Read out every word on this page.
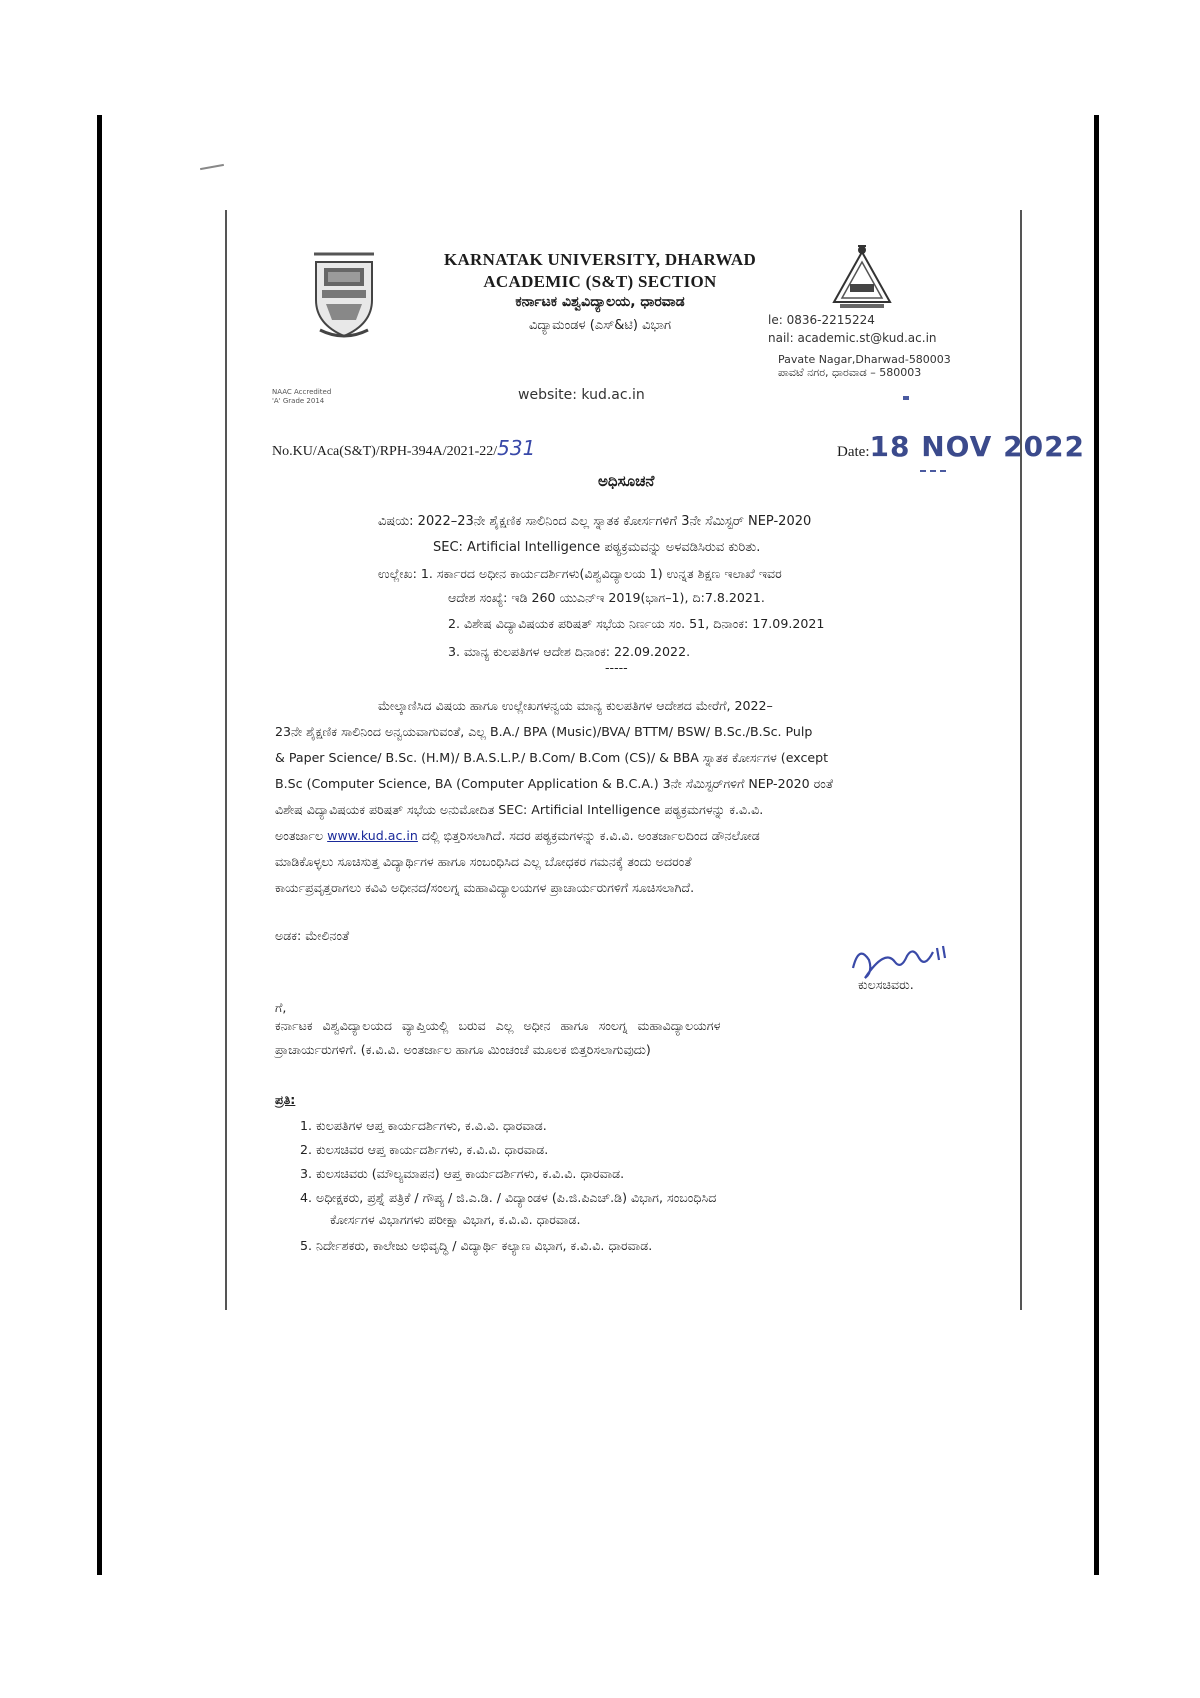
KARNATAK UNIVERSITY, DHARWAD
ACADEMIC (S&T) SECTION
ಕರ್ನಾಟಕ ವಿಶ್ವವಿದ್ಯಾಲಯ, ಧಾರವಾಡ
ವಿದ್ಯಾಮಂಡಳ (ಎಸ್&ಟಿ) ವಿಭಾಗ	le: 0836-2215224
nail: academic.st@kud.ac.in
Pavate Nagar,Dharwad-580003
ಪಾವಟೆ ನಗರ, ಧಾರವಾಡ – 580003
NAAC Accredited
'A' Grade 2014	website: kud.ac.in
No.KU/Aca(S&T)/RPH-394A/2021-22/531	Date: 18 NOV 2022
ಅಧಿಸೂಚನೆ
ವಿಷಯ: 2022–23ನೇ ಶೈಕ್ಷಣಿಕ ಸಾಲಿನಿಂದ ಎಲ್ಲ ಸ್ನಾತಕ ಕೋರ್ಸಗಳಿಗೆ 3ನೇ ಸೆಮಿಸ್ಟರ್ NEP-2020
SEC: Artificial Intelligence ಪಠ್ಯಕ್ರಮವನ್ನು ಅಳವಡಿಸಿರುವ ಕುರಿತು.
ಉಲ್ಲೇಖ: 1. ಸರ್ಕಾರದ ಅಧೀನ ಕಾರ್ಯದರ್ಶಿಗಳು(ವಿಶ್ವವಿದ್ಯಾಲಯ 1) ಉನ್ನತ ಶಿಕ್ಷಣ ಇಲಾಖೆ ಇವರ
ಆದೇಶ ಸಂಖ್ಯೆ: ಇಡಿ 260 ಯುಎನ್‌ಇ 2019(ಭಾಗ–1), ದಿ:7.8.2021.
2. ವಿಶೇಷ ವಿದ್ಯಾವಿಷಯಕ ಪರಿಷತ್ ಸಭೆಯ ನಿರ್ಣಯ ಸಂ. 51, ದಿನಾಂಕ: 17.09.2021
3. ಮಾನ್ಯ ಕುಲಪತಿಗಳ ಆದೇಶ ದಿನಾಂಕ: 22.09.2022.
-----
ಮೇಲ್ಕಾಣಿಸಿದ ವಿಷಯ ಹಾಗೂ ಉಲ್ಲೇಖಗಳನ್ವಯ ಮಾನ್ಯ ಕುಲಪತಿಗಳ ಆದೇಶದ ಮೇರೆಗೆ, 2022–
23ನೇ ಶೈಕ್ಷಣಿಕ ಸಾಲಿನಿಂದ ಅನ್ವಯವಾಗುವಂತೆ, ಎಲ್ಲ B.A./ BPA (Music)/BVA/ BTTM/ BSW/ B.Sc./B.Sc. Pulp
& Paper Science/ B.Sc. (H.M)/ B.A.S.L.P./ B.Com/ B.Com (CS)/ & BBA ಸ್ನಾತಕ ಕೋರ್ಸಗಳ (except
B.Sc (Computer Science, BA (Computer Application & B.C.A.) 3ನೇ ಸೆಮಿಸ್ಟರ್‌ಗಳಿಗೆ NEP-2020 ರಂತೆ
ವಿಶೇಷ ವಿದ್ಯಾವಿಷಯಕ ಪರಿಷತ್ ಸಭೆಯ ಅನುಮೋದಿತ SEC: Artificial Intelligence ಪಠ್ಯಕ್ರಮಗಳನ್ನು ಕ.ವಿ.ವಿ.
ಅಂತರ್ಜಾಲ www.kud.ac.in ದಲ್ಲಿ ಭಿತ್ತರಿಸಲಾಗಿದೆ. ಸದರ ಪಠ್ಯಕ್ರಮಗಳನ್ನು ಕ.ವಿ.ವಿ. ಅಂತರ್ಜಾಲದಿಂದ ಡೌನಲೋಡ
ಮಾಡಿಕೊಳ್ಳಲು ಸೂಚಿಸುತ್ತ ವಿದ್ಯಾರ್ಥಿಗಳ ಹಾಗೂ ಸಂಬಂಧಿಸಿದ ಎಲ್ಲ ಬೋಧಕರ ಗಮನಕ್ಕೆ ತಂದು ಅದರಂತೆ
ಕಾರ್ಯಪ್ರವೃತ್ತರಾಗಲು ಕವಿವಿ ಅಧೀನದ/ಸಂಲಗ್ನ ಮಹಾವಿದ್ಯಾಲಯಗಳ ಪ್ರಾಚಾರ್ಯರುಗಳಿಗೆ ಸೂಚಿಸಲಾಗಿದೆ.
ಅಡಕ: ಮೇಲಿನಂತೆ
ಕುಲಸಚಿವರು.
ಗೆ,
ಕರ್ನಾಟಕ ವಿಶ್ವವಿದ್ಯಾಲಯದ ವ್ಯಾಪ್ತಿಯಲ್ಲಿ ಬರುವ ಎಲ್ಲ ಅಧೀನ ಹಾಗೂ ಸಂಲಗ್ನ ಮಹಾವಿದ್ಯಾಲಯಗಳ
ಪ್ರಾಚಾರ್ಯರುಗಳಿಗೆ. (ಕ.ವಿ.ವಿ. ಅಂತರ್ಜಾಲ ಹಾಗೂ ಮಿಂಚಂಚೆ ಮೂಲಕ ಬಿತ್ತರಿಸಲಾಗುವುದು)
ಪ್ರತಿ:
1. ಕುಲಪತಿಗಳ ಆಪ್ತ ಕಾರ್ಯದರ್ಶಿಗಳು, ಕ.ವಿ.ವಿ. ಧಾರವಾಡ.
2. ಕುಲಸಚಿವರ ಆಪ್ತ ಕಾರ್ಯದರ್ಶಿಗಳು, ಕ.ವಿ.ವಿ. ಧಾರವಾಡ.
3. ಕುಲಸಚಿವರು (ಮೌಲ್ಯಮಾಪನ) ಆಪ್ತ ಕಾರ್ಯದರ್ಶಿಗಳು, ಕ.ವಿ.ವಿ. ಧಾರವಾಡ.
4. ಅಧೀಕ್ಷಕರು, ಪ್ರಶ್ನೆ ಪತ್ರಿಕೆ / ಗೌಪ್ಯ / ಜಿ.ಎ.ಡಿ. / ವಿದ್ಯಾಂಡಳ (ಪಿ.ಜಿ.ಪಿಎಚ್.ಡಿ) ವಿಭಾಗ, ಸಂಬಂಧಿಸಿದ
ಕೋರ್ಸಗಳ ವಿಭಾಗಗಳು ಪರೀಕ್ಷಾ ವಿಭಾಗ, ಕ.ವಿ.ವಿ. ಧಾರವಾಡ.
5. ನಿರ್ದೇಶಕರು, ಕಾಲೇಜು ಅಭಿವೃದ್ಧಿ / ವಿದ್ಯಾರ್ಥಿ ಕಲ್ಯಾಣ ವಿಭಾಗ, ಕ.ವಿ.ವಿ. ಧಾರವಾಡ.
